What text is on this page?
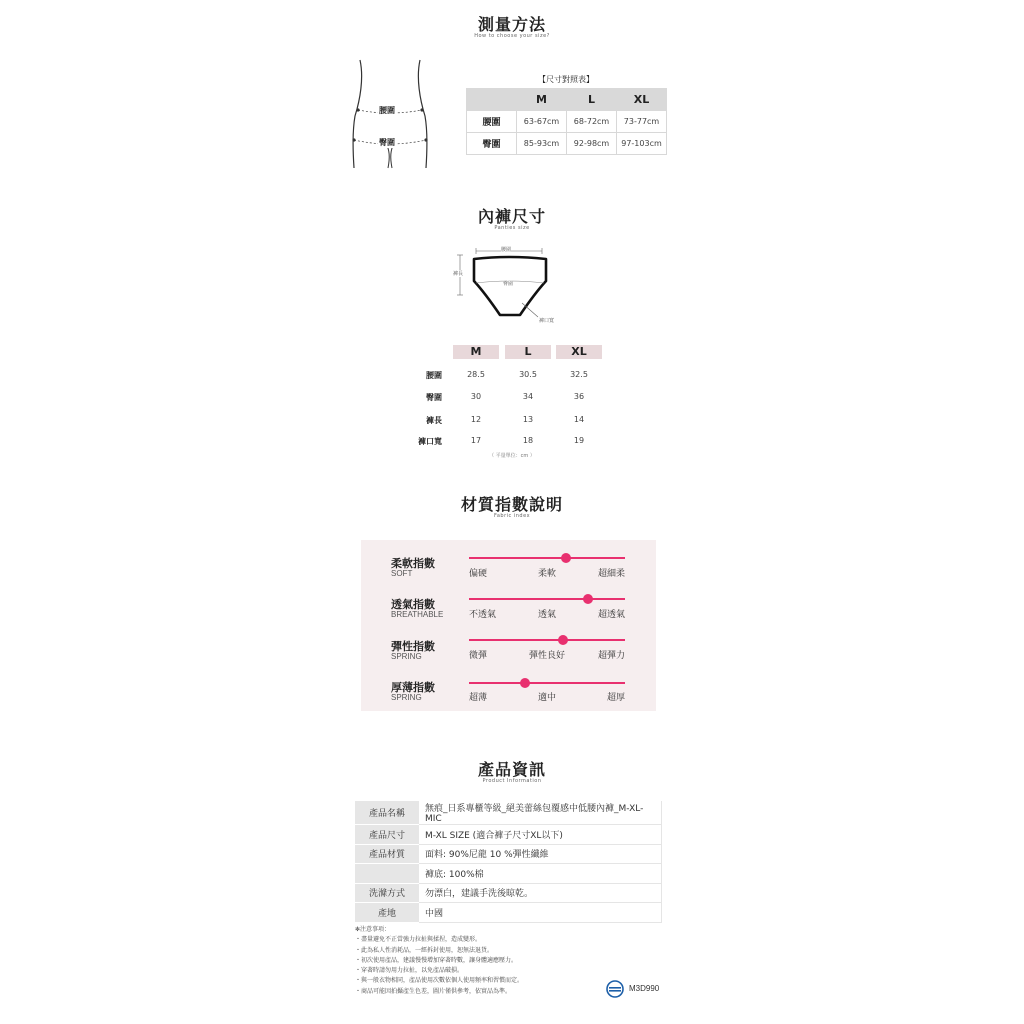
測量方法
How to choose your size?
腰圍
臀圍
【尺寸對照表】
	M	L	XL
腰圍	63-67cm	68-72cm	73-77cm
臀圍	85-93cm	92-98cm	97-103cm
內褲尺寸
Panties size
腰圍
褲長
臀圍
褲口寬
M	L	XL
腰圍	28.5	30.5	32.5
臀圍	30	34	36
褲長	12	13	14
褲口寬	17	18	19
（ 平量單位：cm ）
材質指數說明
Fabric index
柔軟指數
SOFT	偏硬	柔軟	超細柔
透氣指數
BREATHABLE	不透氣	透氣	超透氣
彈性指數
SPRING	微彈	彈性良好	超彈力
厚薄指數
SPRING	超薄	適中	超厚
產品資訊
Product Information
產品名稱	無痕_日系專櫃等級_絕美蕾絲包覆感中低腰內褲_M-XL-MIC
產品尺寸	M-XL SIZE (適合褲子尺寸XL以下)
產品材質	面料: 90%尼龍 10 %彈性纖維
	褲底: 100%棉
洗滌方式	勿漂白，建議手洗後晾乾。
產地	中國
✻注意事項：
・盡量避免不正當強力拉扯與揉捏，造成變形。
・此為私人性消耗品，一經拆封使用，恕無法退貨。
・初次使用產品，建議慢慢增加穿著時數，讓身體適應壓力。
・穿著時請勿用力拉扯，以免產品破損。
・與一般衣物相同，產品使用次數依個人使用頻率和習慣而定。
・商品可能因拍攝產生色差，圖片僅供參考，依實品為準。	M3D990
